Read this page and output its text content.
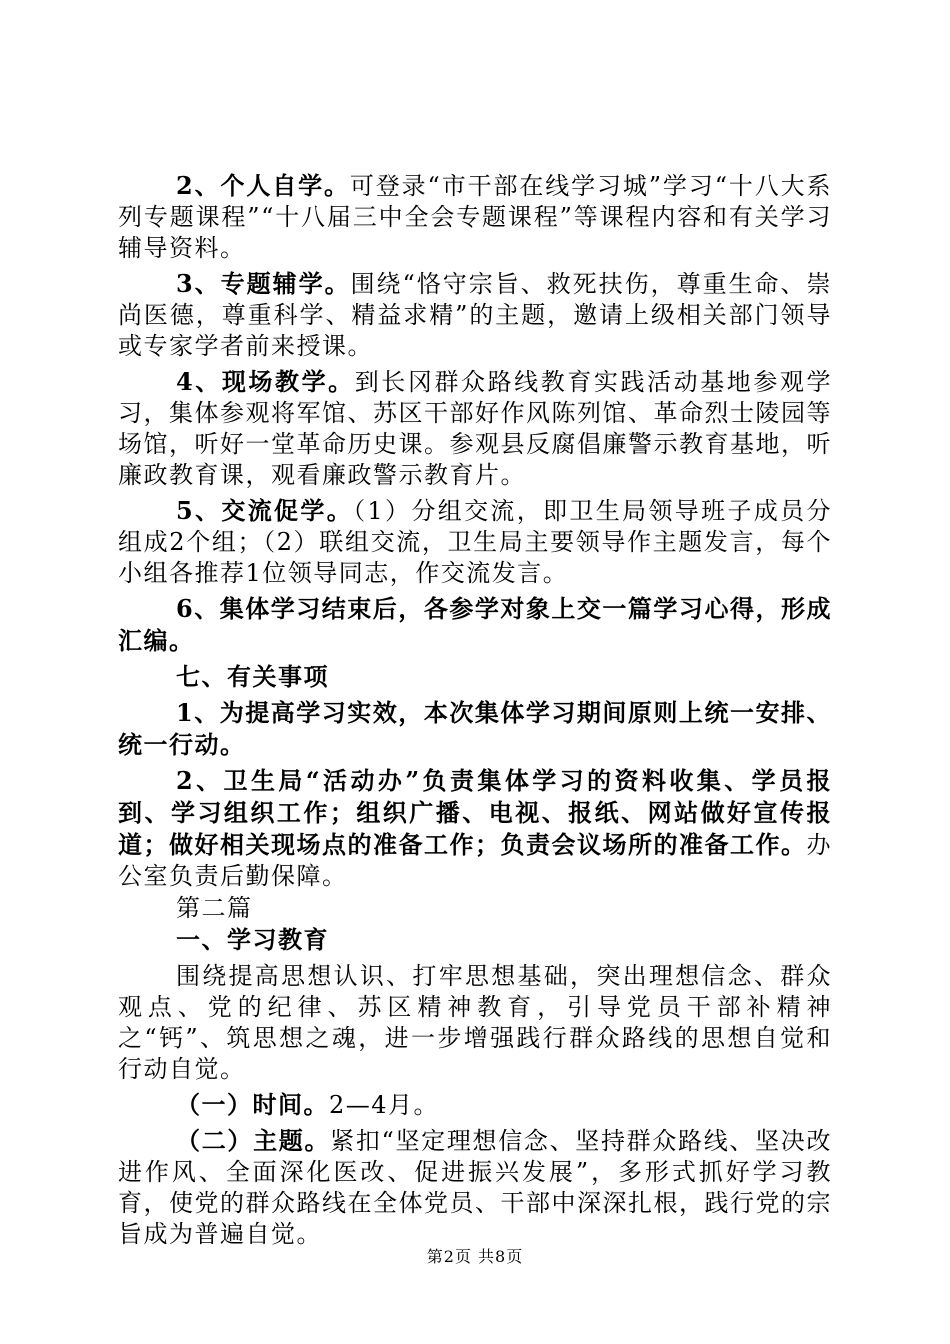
2、个人自学。可登录“市干部在线学习城”学习“十八大系列专题课程”“十八届三中全会专题课程”等课程内容和有关学习辅导资料。

3、专题辅学。围绕“恪守宗旨、救死扶伤，尊重生命、崇尚医德，尊重科学、精益求精”的主题，邀请上级相关部门领导或专家学者前来授课。

4、现场教学。到长冈群众路线教育实践活动基地参观学习，集体参观将军馆、苏区干部好作风陈列馆、革命烈士陵园等场馆，听好一堂革命历史课。参观县反腐倡廉警示教育基地，听廉政教育课，观看廉政警示教育片。

5、交流促学。（1）分组交流，即卫生局领导班子成员分组成2个组；（2）联组交流，卫生局主要领导作主题发言，每个小组各推荐1位领导同志，作交流发言。

6、集体学习结束后，各参学对象上交一篇学习心得，形成汇编。

七、有关事项

1、为提高学习实效，本次集体学习期间原则上统一安排、统一行动。

2、卫生局“活动办”负责集体学习的资料收集、学员报到、学习组织工作；组织广播、电视、报纸、网站做好宣传报道；做好相关现场点的准备工作；负责会议场所的准备工作。办公室负责后勤保障。

第二篇

一、学习教育

围绕提高思想认识、打牢思想基础，突出理想信念、群众观点、党的纪律、苏区精神教育，引导党员干部补精神之“钙”、筑思想之魂，进一步增强践行群众路线的思想自觉和行动自觉。

（一）时间。2—4月。

（二）主题。紧扣“坚定理想信念、坚持群众路线、坚决改进作风、全面深化医改、促进振兴发展”，多形式抓好学习教育，使党的群众路线在全体党员、干部中深深扎根，践行党的宗旨成为普遍自觉。

第2页 共8页
